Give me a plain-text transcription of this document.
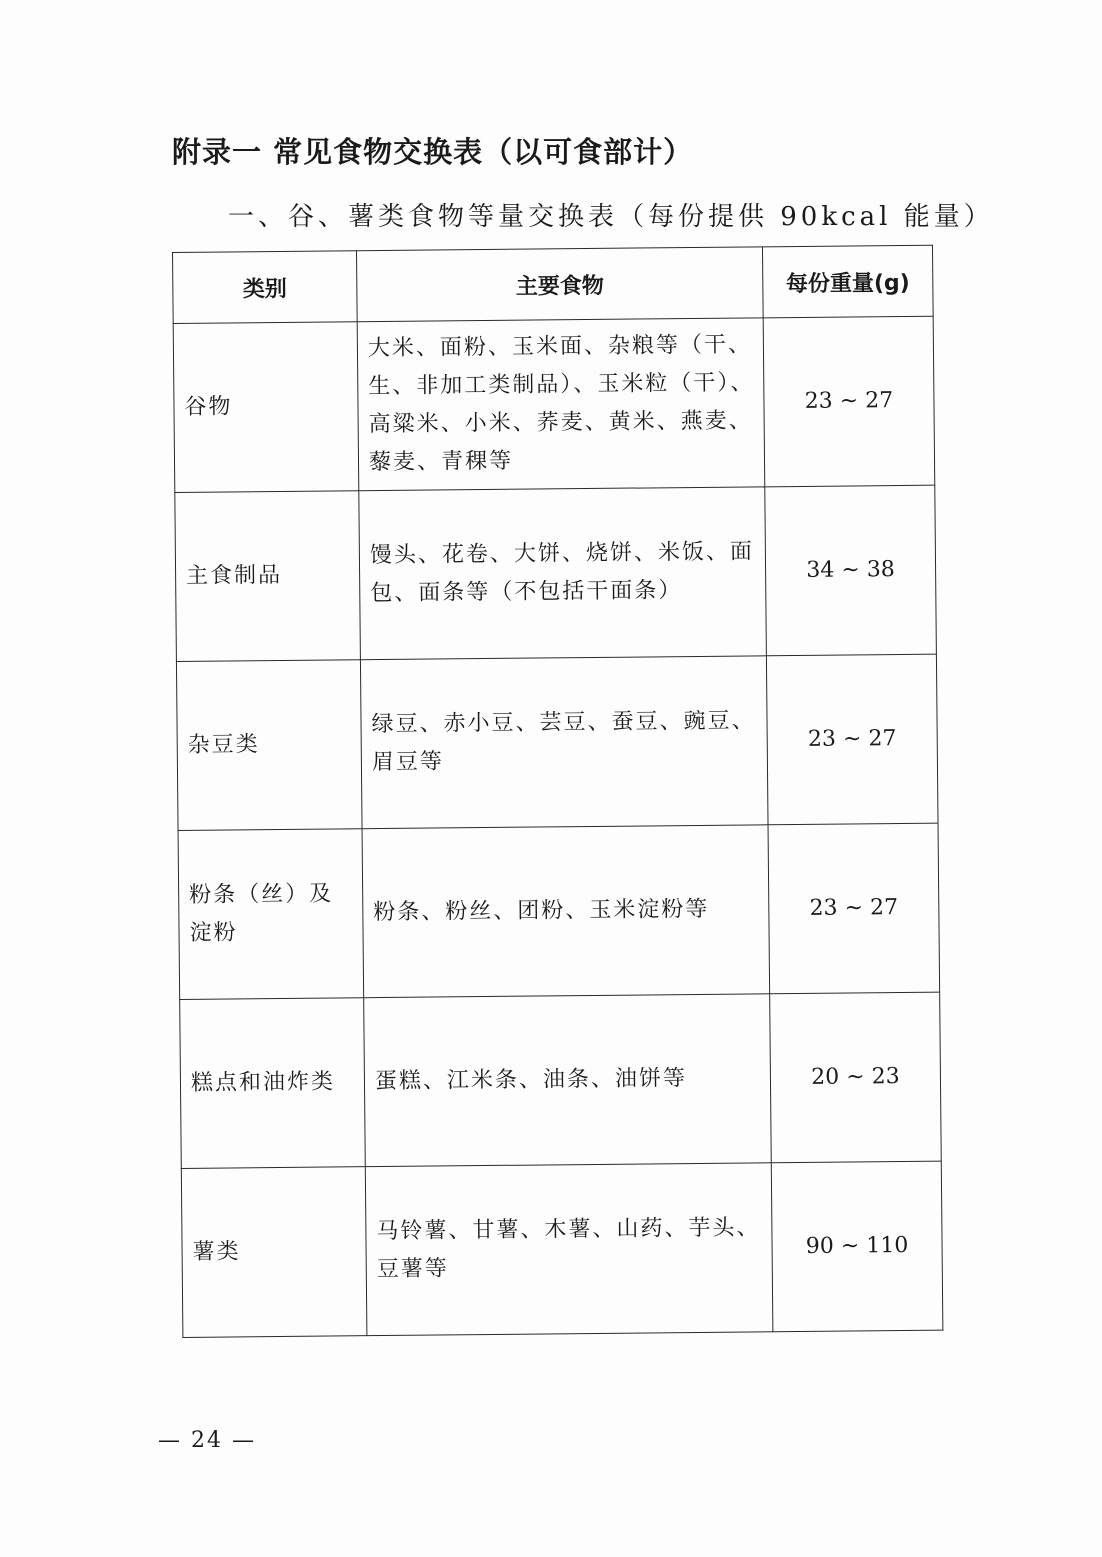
附录一 常见食物交换表（以可食部计）
一、谷、薯类食物等量交换表（每份提供 90kcal 能量）
类别	主要食物	每份重量(g)
谷物	大米、面粉、玉米面、杂粮等（干、生、非加工类制品）、玉米粒（干）、高粱米、小米、荞麦、黄米、燕麦、藜麦、青稞等	23 ~ 27
主食制品	馒头、花卷、大饼、烧饼、米饭、面包、面条等（不包括干面条）	34 ~ 38
杂豆类	绿豆、赤小豆、芸豆、蚕豆、豌豆、眉豆等	23 ~ 27
粉条（丝）及淀粉	粉条、粉丝、团粉、玉米淀粉等	23 ~ 27
糕点和油炸类	蛋糕、江米条、油条、油饼等	20 ~ 23
薯类	马铃薯、甘薯、木薯、山药、芋头、豆薯等	90 ~ 110
— 24 —
